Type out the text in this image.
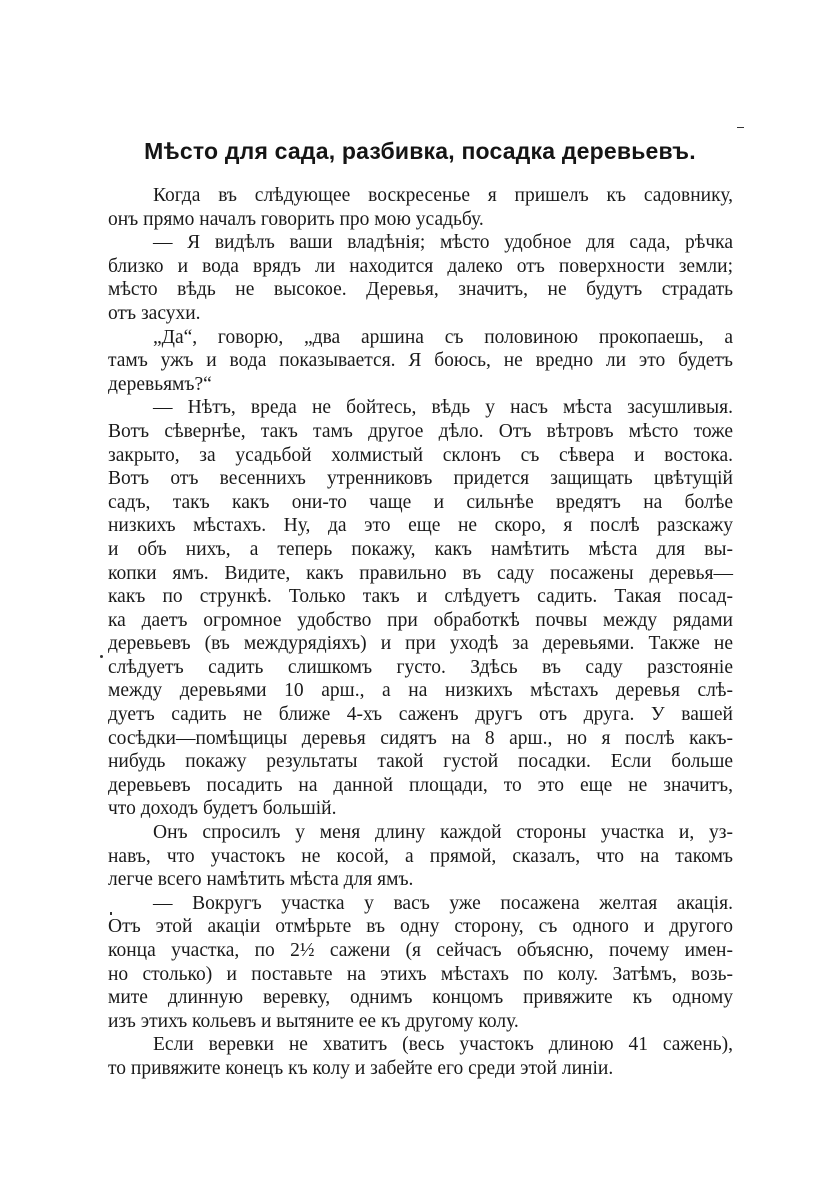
Мѣсто для сада, разбивка, посадка деревьевъ.
Когда въ слѣдующее воскресенье я пришелъ къ садовнику,
онъ прямо началъ говорить про мою усадьбу.
— Я видѣлъ ваши владѣнія; мѣсто удобное для сада, рѣчка
близко и вода врядъ ли находится далеко отъ поверхности земли;
мѣсто вѣдь не высокое. Деревья, значитъ, не будутъ страдать
отъ засухи.
„Да“, говорю, „два аршина съ половиною прокопаешь, а
тамъ ужъ и вода показывается. Я боюсь, не вредно ли это будетъ
деревьямъ?“
— Нѣтъ, вреда не бойтесь, вѣдь у насъ мѣста засушливыя.
Вотъ сѣвернѣе, такъ тамъ другое дѣло. Отъ вѣтровъ мѣсто тоже
закрыто, за усадьбой холмистый склонъ съ сѣвера и востока.
Вотъ отъ весеннихъ утренниковъ придется защищать цвѣтущій
садъ, такъ какъ они-то чаще и сильнѣе вредятъ на болѣе
низкихъ мѣстахъ. Ну, да это еще не скоро, я послѣ разскажу
и объ нихъ, а теперь покажу, какъ намѣтить мѣста для вы-
копки ямъ. Видите, какъ правильно въ саду посажены деревья—
какъ по стрункѣ. Только такъ и слѣдуетъ садить. Такая посад-
ка даетъ огромное удобство при обработкѣ почвы между рядами
деревьевъ (въ междурядіяхъ) и при уходѣ за деревьями. Также не
слѣдуетъ садить слишкомъ густо. Здѣсь въ саду разстояніе
между деревьями 10 арш., а на низкихъ мѣстахъ деревья слѣ-
дуетъ садить не ближе 4-хъ саженъ другъ отъ друга. У вашей
сосѣдки—помѣщицы деревья сидятъ на 8 арш., но я послѣ какъ-
нибудь покажу результаты такой густой посадки. Если больше
деревьевъ посадить на данной площади, то это еще не значитъ,
что доходъ будетъ большій.
Онъ спросилъ у меня длину каждой стороны участка и, уз-
навъ, что участокъ не косой, а прямой, сказалъ, что на такомъ
легче всего намѣтить мѣста для ямъ.
— Вокругъ участка у васъ уже посажена желтая акація.
Отъ этой акаціи отмѣрьте въ одну сторону, съ одного и другого
конца участка, по 2½ сажени (я сейчасъ объясню, почему имен-
но столько) и поставьте на этихъ мѣстахъ по колу. Затѣмъ, возь-
мите длинную веревку, однимъ концомъ привяжите къ одному
изъ этихъ кольевъ и вытяните ее къ другому колу.
Если веревки не хватитъ (весь участокъ длиною 41 сажень),
то привяжите конецъ къ колу и забейте его среди этой линіи.
